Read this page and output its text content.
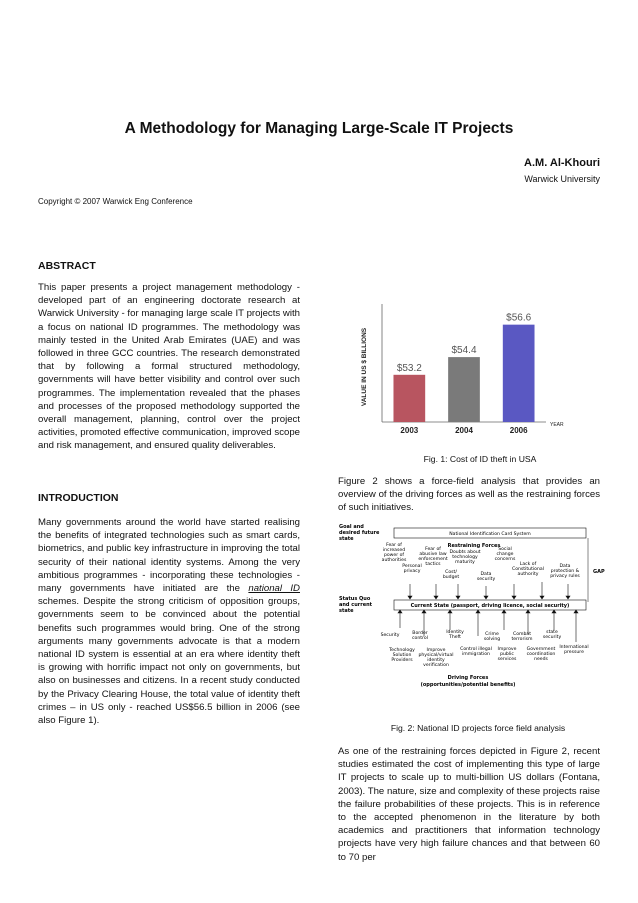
A Methodology for Managing Large-Scale IT Projects
A.M. Al-Khouri
Warwick University
Copyright © 2007 Warwick Eng Conference
ABSTRACT

This paper presents a project management methodology - developed part of an engineering doctorate research at Warwick University - for managing large scale IT projects with a focus on national ID programmes. The methodology was mainly tested in the United Arab Emirates (UAE) and was followed in three GCC countries. The research demonstrated that by following a formal structured methodology, governments will have better visibility and control over such programmes. The implementation revealed that the phases and processes of the proposed methodology supported the overall management, planning, control over the project activities, promoted effective communication, improved scope and risk management, and ensured quality deliverables.

INTRODUCTION

Many governments around the world have started realising the benefits of integrated technologies such as smart cards, biometrics, and public key infrastructure in improving the total security of their national identity systems. Among the very ambitious programmes - incorporating these technologies - many governments have initiated are the national ID schemes. Despite the strong criticism of opposition groups, governments seem to be convinced about the potential benefits such programmes would bring. One of the strong arguments many governments advocate is that a modern national ID system is essential at an era where identity theft is growing with horrific impact not only on governments, but also on businesses and citizens. In a recent study conducted by the Privacy Clearing House, the total value of identity theft crimes – in US only - reached US$56.5 billion in 2006 (see also Figure 1).

VALUE IN US $ BILLIONS	$53.2
2003
$54.4
2004
$56.6
2006
YEAR
Fig. 1: Cost of ID theft in USA

Figure 2 shows a force-field analysis that provides an overview of the driving forces as well as the restraining forces of such initiatives.

Goal and
desired future
state
National Identification Card System
Restraining Forces
Fear of increased power of authorities
Personal privacy
Fear of abusive law enforcement tactics
Doubts about technology maturity
Cost/ budget
Social change concerns
Data security
Lack of Constitutional authority
Data protection & privacy rules
GAP
Status Quo
and current
state
Current State (passport, driving licence, social security)
Security	Border control
Identity Theft
Crime solving
Combat terrorism
state security
Technology Solution Providers
Improve physical/virtual identity verification
Control illegal immigration
Improve public services
Government coordination needs
International pressure
Driving Forces
(opportunities/potential benefits)
Fig. 2: National ID projects force field analysis

As one of the restraining forces depicted in Figure 2, recent studies estimated the cost of implementing this type of large IT projects to scale up to multi-billion US dollars (Fontana, 2003). The nature, size and complexity of these projects raise the failure probabilities of these projects. This is in reference to the accepted phenomenon in the literature by both academics and practitioners that information technology projects have very high failure chances and that between 60 to 70 per
